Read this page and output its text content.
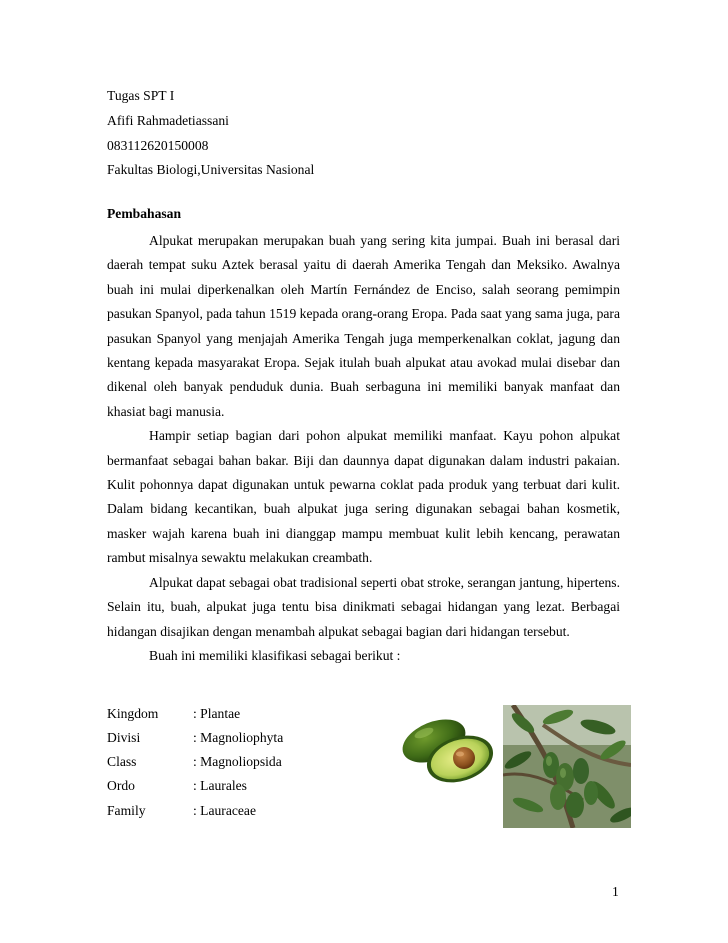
Tugas SPT I
Afifi Rahmadetiassani
083112620150008
Fakultas Biologi,Universitas Nasional
Pembahasan

Alpukat merupakan merupakan buah yang sering kita jumpai. Buah ini berasal dari daerah tempat suku Aztek berasal yaitu di daerah Amerika Tengah dan Meksiko. Awalnya buah ini mulai diperkenalkan oleh Martín Fernández de Enciso, salah seorang pemimpin pasukan Spanyol, pada tahun 1519 kepada orang-orang Eropa. Pada saat yang sama juga, para pasukan Spanyol yang menjajah Amerika Tengah juga memperkenalkan coklat, jagung dan kentang kepada masyarakat Eropa. Sejak itulah buah alpukat atau avokad mulai disebar dan dikenal oleh banyak penduduk dunia. Buah serbaguna ini memiliki banyak manfaat dan khasiat bagi manusia.

Hampir setiap bagian dari pohon alpukat memiliki manfaat. Kayu pohon alpukat bermanfaat sebagai bahan bakar. Biji dan daunnya dapat digunakan dalam industri pakaian. Kulit pohonnya dapat digunakan untuk pewarna coklat pada produk yang terbuat dari kulit. Dalam bidang kecantikan, buah alpukat juga sering digunakan sebagai bahan kosmetik, masker wajah karena buah ini dianggap mampu membuat kulit lebih kencang, perawatan rambut misalnya sewaktu melakukan creambath.

Alpukat dapat sebagai obat tradisional seperti obat stroke, serangan jantung, hipertens. Selain itu, buah, alpukat juga tentu bisa dinikmati sebagai hidangan yang lezat. Berbagai hidangan disajikan dengan menambah alpukat sebagai bagian dari hidangan tersebut.

Buah ini memiliki klasifikasi sebagai berikut :

Kingdom	: Plantae
Divisi	: Magnoliophyta
Class	: Magnoliopsida
Ordo	: Laurales
Family	: Lauraceae
1
